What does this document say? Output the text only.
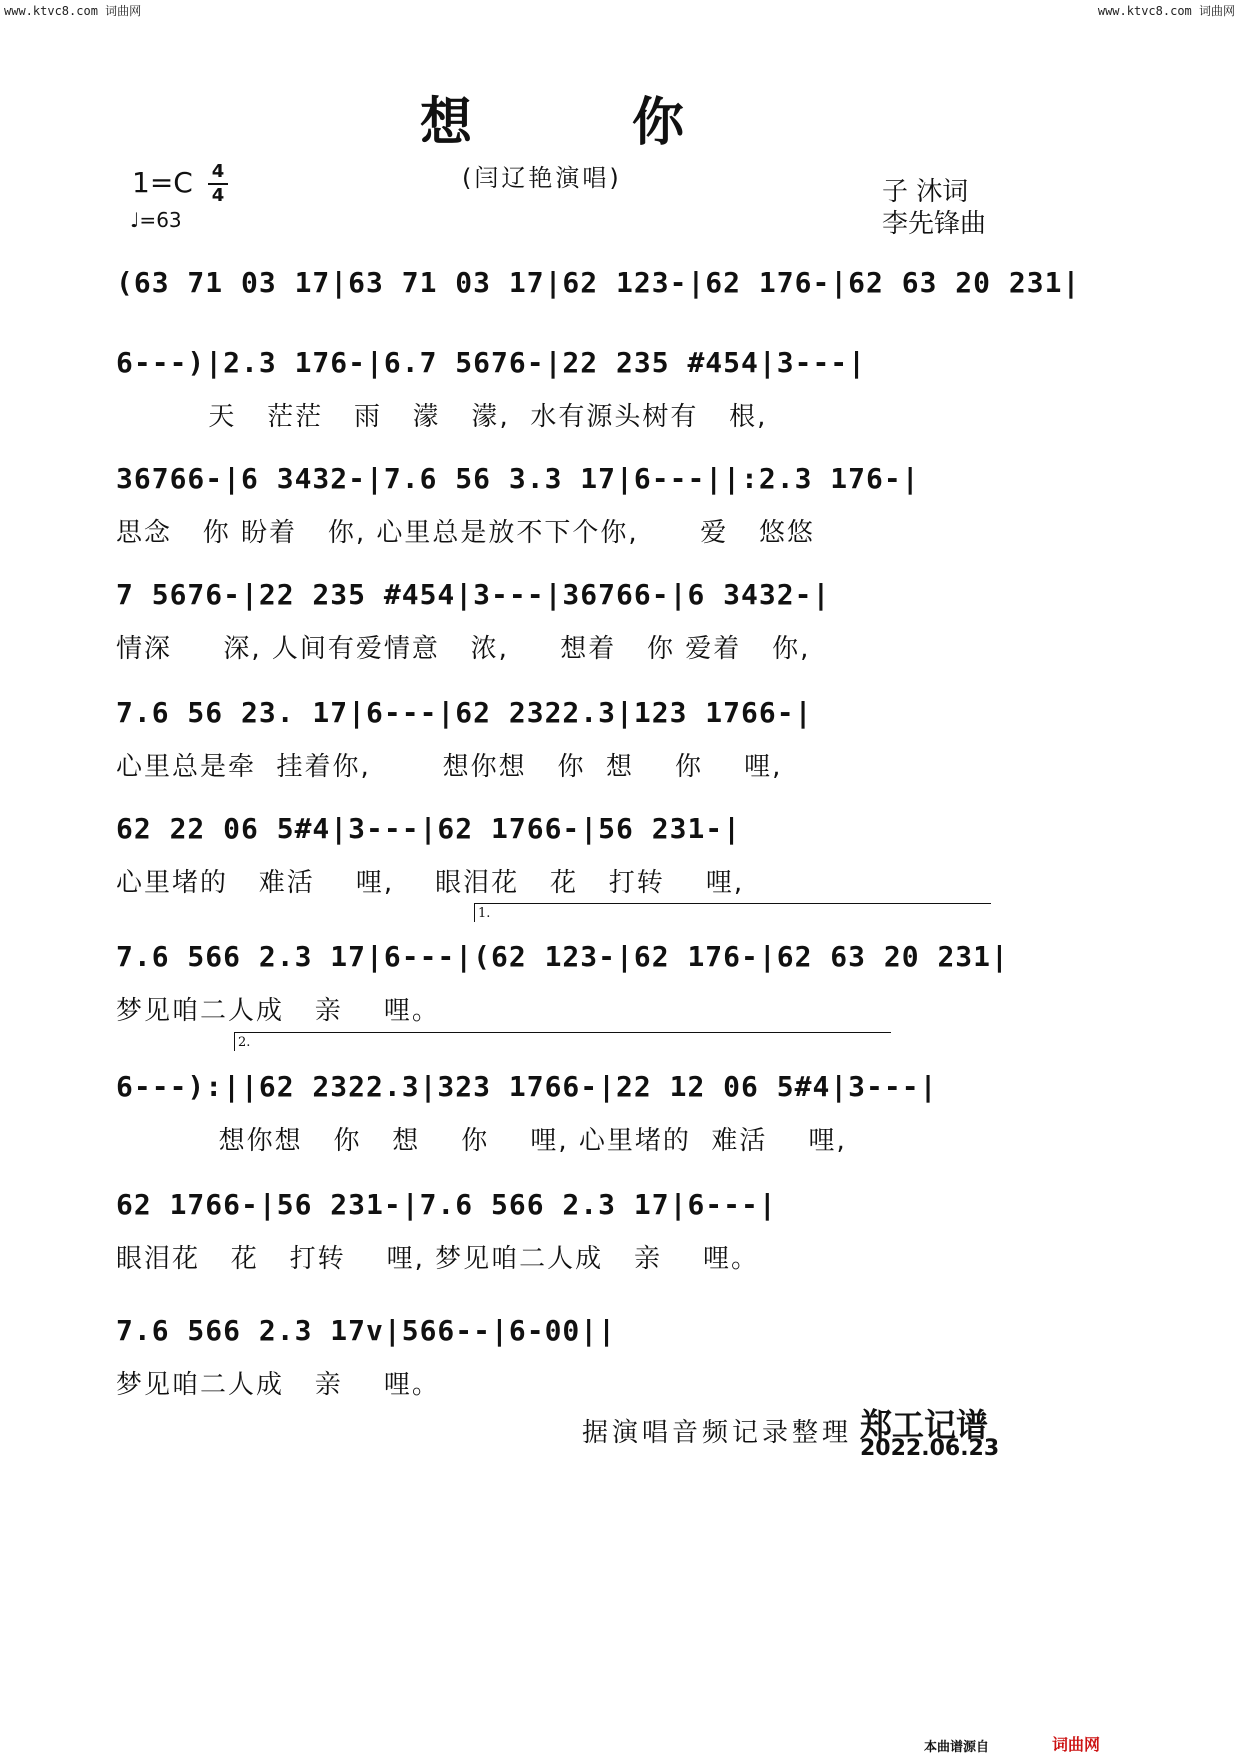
www.ktvc8.com 词曲网	www.ktvc8.com 词曲网
想你
(闫辽艳演唱)
1=C 4
4
♩=63
子 沐词
李先锋曲
(63 71 03 17|63 71 03 17|62 123-|62 176-|62 63 20 231|
6---)|2.3 176-|6.7 5676-|22 235 #454|3---|
天   茫茫   雨   濛   濛,  水有源头树有   根,
36766-|6 3432-|7.6 56 3.3 17|6---||:2.3 176-|
思念   你 盼着   你, 心里总是放不下个你,      爱   悠悠
7 5676-|22 235 #454|3---|36766-|6 3432-|
情深     深, 人间有爱情意   浓,     想着   你 爱着   你,
7.6 56 23. 17|6---|62 2322.3|123 1766-|
心里总是牵  挂着你,       想你想   你  想    你    哩,
62 22 06 5#4|3---|62 1766-|56 231-|
心里堵的   难活    哩,    眼泪花   花   打转    哩,
1.
7.6 566 2.3 17|6---|(62 123-|62 176-|62 63 20 231|
梦见咱二人成   亲    哩。
2.
6---):||62 2322.3|323 1766-|22 12 06 5#4|3---|
想你想   你   想    你    哩, 心里堵的  难活    哩,
62 1766-|56 231-|7.6 566 2.3 17|6---|
眼泪花   花   打转    哩, 梦见咱二人成   亲    哩。
7.6 566 2.3 17v|566--|6-00||
梦见咱二人成   亲    哩。
据演唱音频记录整理 郑工记谱
2022.06.23
本曲谱源自	词曲网
